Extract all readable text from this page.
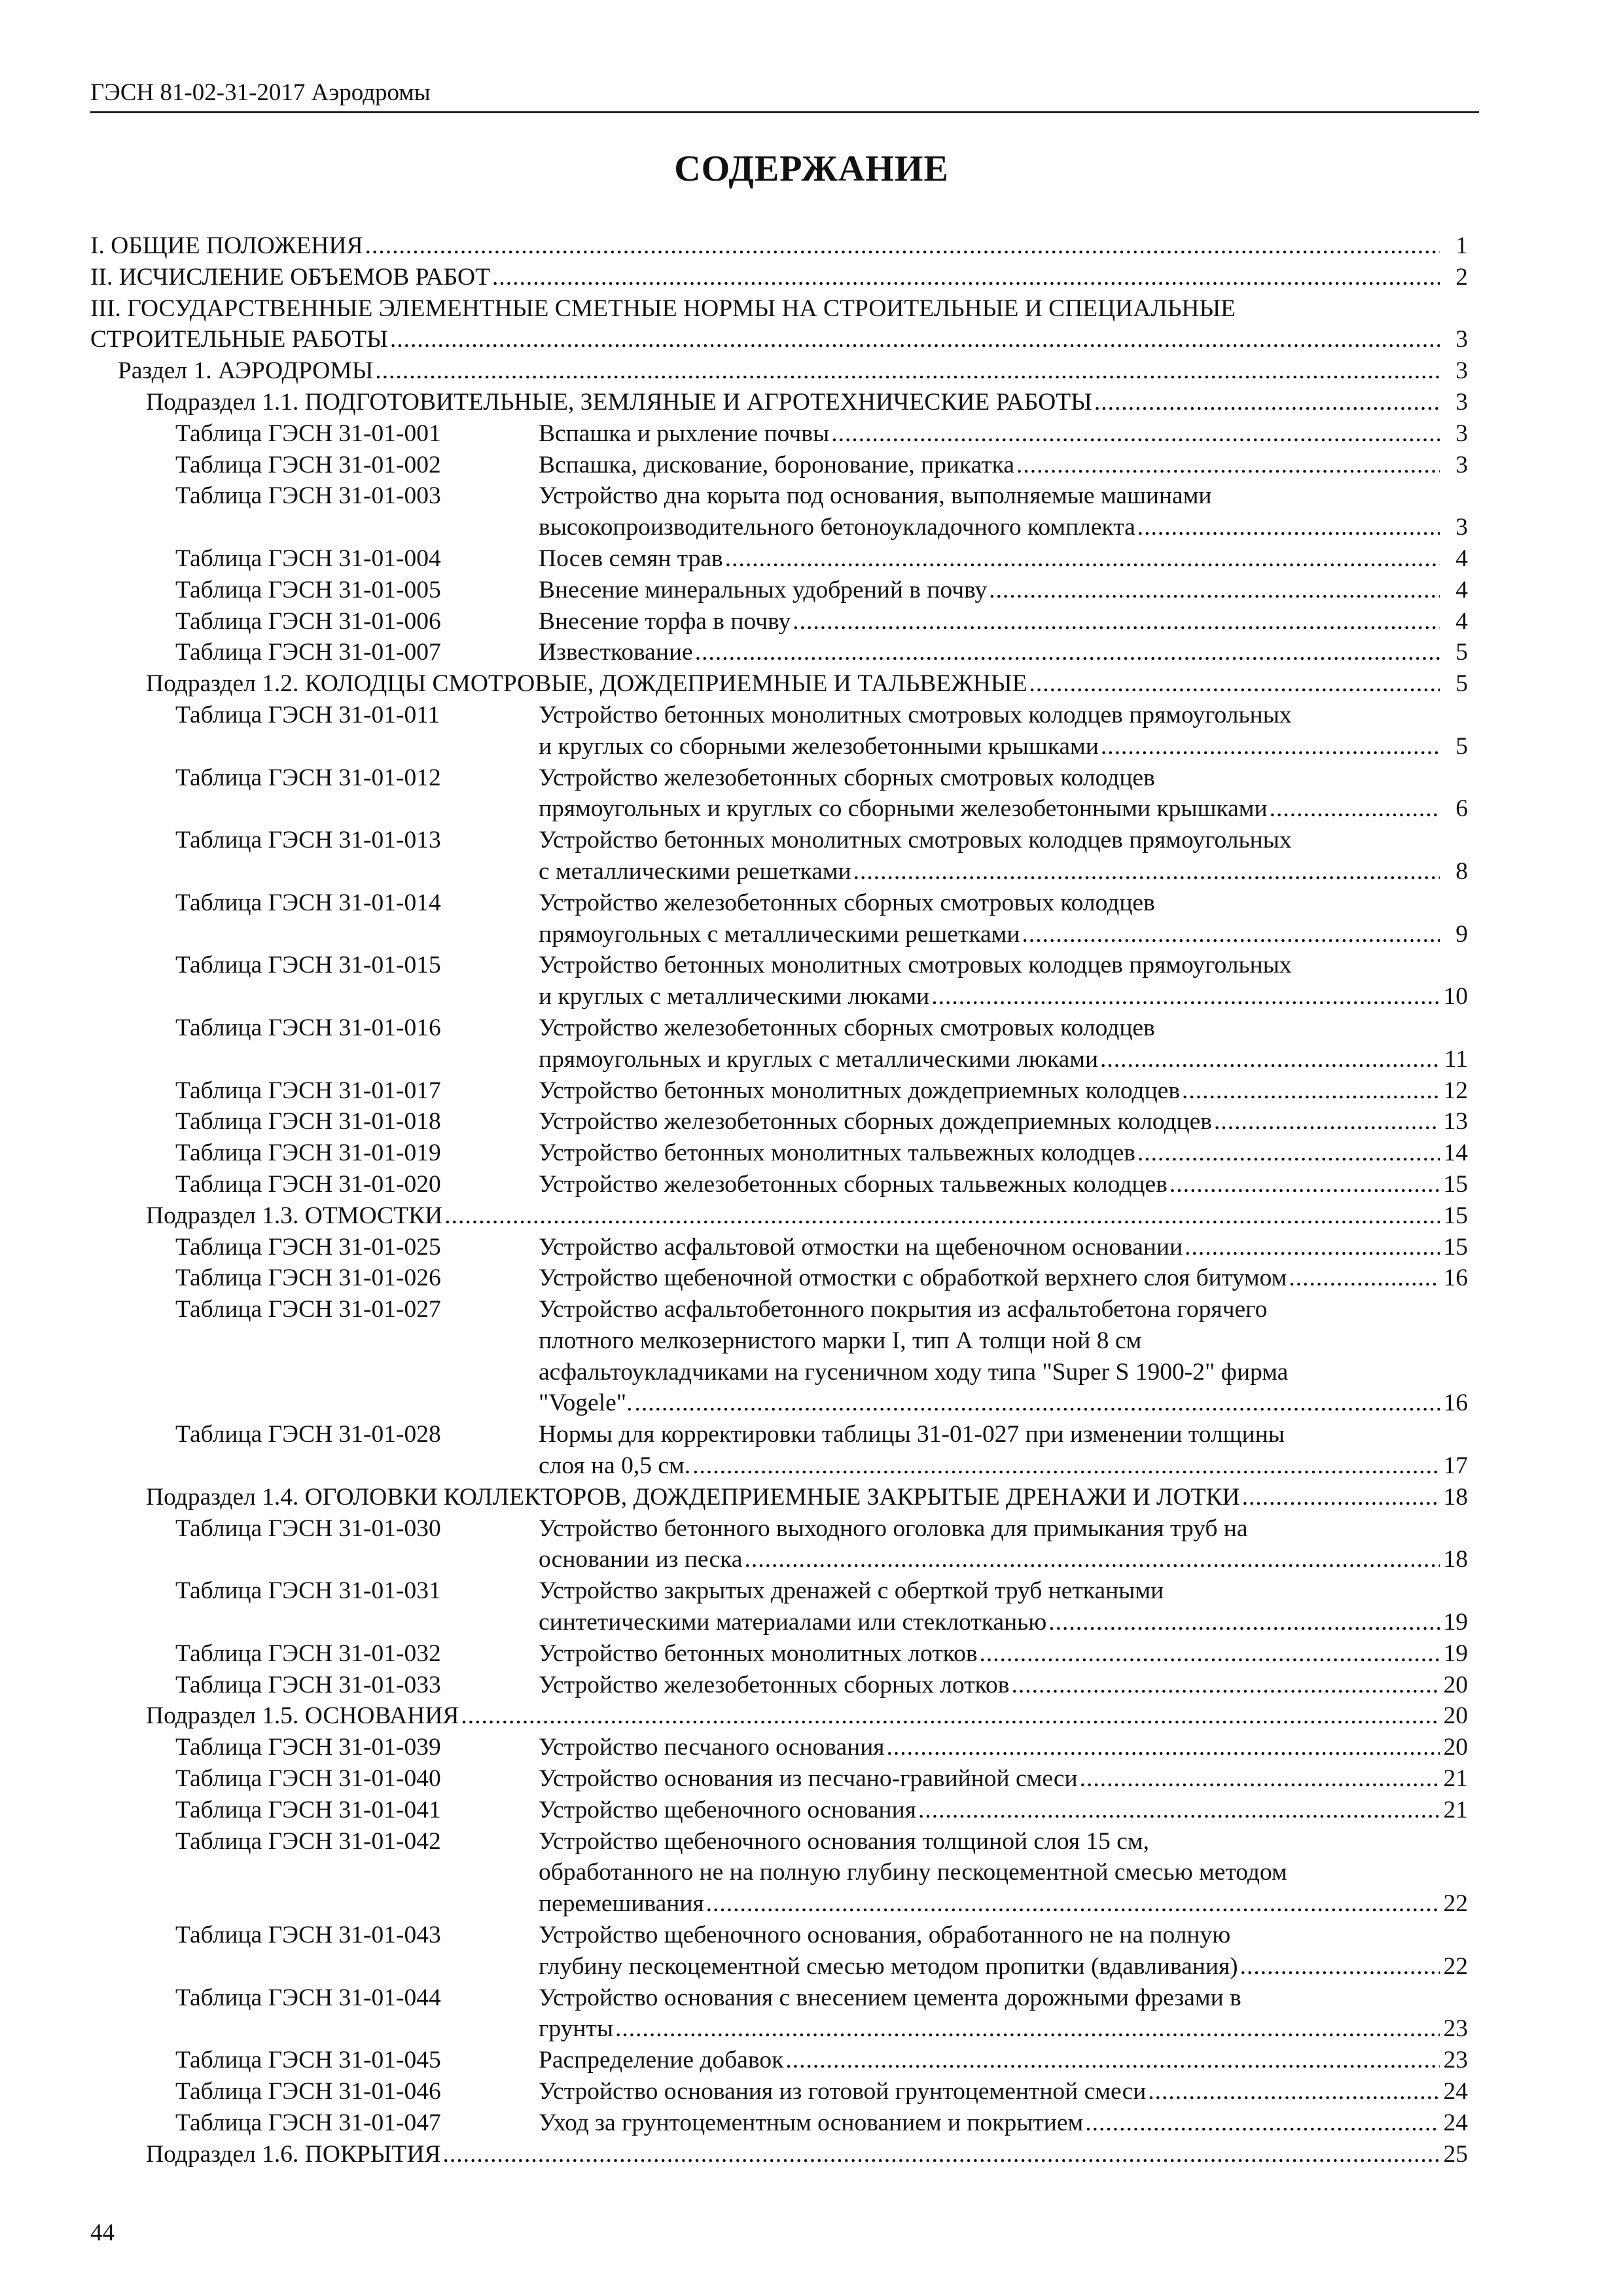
ГЭСН 81-02-31-2017 Аэродромы
СОДЕРЖАНИЕ
I. ОБЩИЕ ПОЛОЖЕНИЯ .....	1
II. ИСЧИСЛЕНИЕ ОБЪЕМОВ РАБОТ .....	2
III. ГОСУДАРСТВЕННЫЕ ЭЛЕМЕНТНЫЕ СМЕТНЫЕ НОРМЫ НА СТРОИТЕЛЬНЫЕ И СПЕЦИАЛЬНЫЕ
СТРОИТЕЛЬНЫЕ РАБОТЫ .....	3
Раздел 1. АЭРОДРОМЫ .....	3
Подраздел 1.1. ПОДГОТОВИТЕЛЬНЫЕ, ЗЕМЛЯНЫЕ И АГРОТЕХНИЧЕСКИЕ РАБОТЫ .....	3
Таблица ГЭСН 31-01-001	Вспашка и рыхление почвы .....	3
Таблица ГЭСН 31-01-002	Вспашка, дискование, боронование, прикатка .....	3
Таблица ГЭСН 31-01-003	Устройство дна корыта под основания, выполняемые машинами
высокопроизводительного бетоноукладочного комплекта .....	3
Таблица ГЭСН 31-01-004	Посев семян трав .....	4
Таблица ГЭСН 31-01-005	Внесение минеральных удобрений в почву .....	4
Таблица ГЭСН 31-01-006	Внесение торфа в почву .....	4
Таблица ГЭСН 31-01-007	Известкование .....	5
Подраздел 1.2. КОЛОДЦЫ СМОТРОВЫЕ, ДОЖДЕПРИЕМНЫЕ И ТАЛЬВЕЖНЫЕ .....	5
Таблица ГЭСН 31-01-011	Устройство бетонных монолитных смотровых колодцев прямоугольных
и круглых со сборными железобетонными крышками .....	5
Таблица ГЭСН 31-01-012	Устройство железобетонных сборных смотровых колодцев
прямоугольных и круглых со сборными железобетонными крышками .....	6
Таблица ГЭСН 31-01-013	Устройство бетонных монолитных смотровых колодцев прямоугольных
с металлическими решетками .....	8
Таблица ГЭСН 31-01-014	Устройство железобетонных сборных смотровых колодцев
прямоугольных с металлическими решетками .....	9
Таблица ГЭСН 31-01-015	Устройство бетонных монолитных смотровых колодцев прямоугольных
и круглых с металлическими люками .....	10
Таблица ГЭСН 31-01-016	Устройство железобетонных сборных смотровых колодцев
прямоугольных и круглых с металлическими люками .....	11
Таблица ГЭСН 31-01-017	Устройство бетонных монолитных дождеприемных колодцев .....	12
Таблица ГЭСН 31-01-018	Устройство железобетонных сборных дождеприемных колодцев .....	13
Таблица ГЭСН 31-01-019	Устройство бетонных монолитных тальвежных колодцев .....	14
Таблица ГЭСН 31-01-020	Устройство железобетонных сборных тальвежных колодцев .....	15
Подраздел 1.3. ОТМОСТКИ .....	15
Таблица ГЭСН 31-01-025	Устройство асфальтовой отмостки на щебеночном основании .....	15
Таблица ГЭСН 31-01-026	Устройство щебеночной отмостки с обработкой верхнего слоя битумом .....	16
Таблица ГЭСН 31-01-027	Устройство асфальтобетонного покрытия из асфальтобетона горячего
плотного мелкозернистого марки I, тип А толщи ной 8 см
асфальтоукладчиками на гусеничном ходу типа "Super S 1900-2" фирма
"Vogele". .....	16
Таблица ГЭСН 31-01-028	Нормы для корректировки таблицы 31-01-027 при изменении толщины
слоя на 0,5 см. .....	17
Подраздел 1.4. ОГОЛОВКИ КОЛЛЕКТОРОВ, ДОЖДЕПРИЕМНЫЕ ЗАКРЫТЫЕ ДРЕНАЖИ И ЛОТКИ .....	18
Таблица ГЭСН 31-01-030	Устройство бетонного выходного оголовка для примыкания труб на
основании из песка .....	18
Таблица ГЭСН 31-01-031	Устройство закрытых дренажей с оберткой труб неткаными
синтетическими материалами или стеклотканью .....	19
Таблица ГЭСН 31-01-032	Устройство бетонных монолитных лотков .....	19
Таблица ГЭСН 31-01-033	Устройство железобетонных сборных лотков .....	20
Подраздел 1.5. ОСНОВАНИЯ .....	20
Таблица ГЭСН 31-01-039	Устройство песчаного основания .....	20
Таблица ГЭСН 31-01-040	Устройство основания из песчано-гравийной смеси .....	21
Таблица ГЭСН 31-01-041	Устройство щебеночного основания .....	21
Таблица ГЭСН 31-01-042	Устройство щебеночного основания толщиной слоя 15 см,
обработанного не на полную глубину пескоцементной смесью методом
перемешивания .....	22
Таблица ГЭСН 31-01-043	Устройство щебеночного основания, обработанного не на полную
глубину пескоцементной смесью методом пропитки (вдавливания) .....	22
Таблица ГЭСН 31-01-044	Устройство основания с внесением цемента дорожными фрезами в
грунты .....	23
Таблица ГЭСН 31-01-045	Распределение добавок .....	23
Таблица ГЭСН 31-01-046	Устройство основания из готовой грунтоцементной смеси .....	24
Таблица ГЭСН 31-01-047	Уход за грунтоцементным основанием и покрытием .....	24
Подраздел 1.6. ПОКРЫТИЯ .....	25
44
